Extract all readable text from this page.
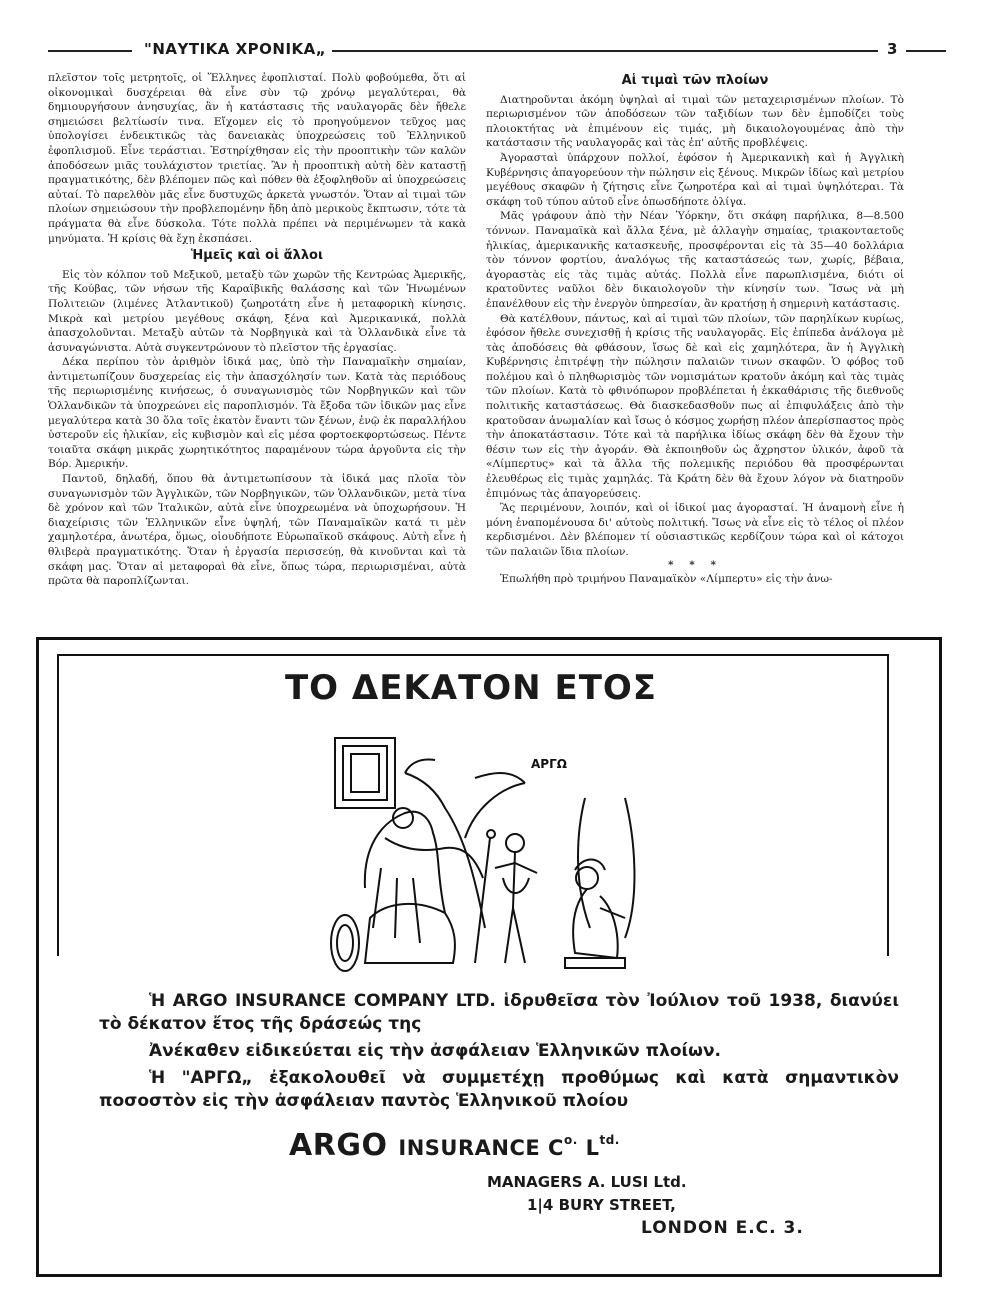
"ΝΑΥΤΙΚΑ ΧΡΟΝΙΚΑ„	3

πλεῖστον τοῖς μετρητοῖς, οἱ Ἕλληνες ἐφοπλισταί. Πολὺ φοβούμεθα, ὅτι αἱ οἰκονομικαὶ δυσχέρειαι θὰ εἶνε σὺν τῷ χρόνῳ μεγαλύτεραι, θὰ δημιουργήσουν ἀνησυχίας, ἂν ἡ κατάστασις τῆς ναυλαγορᾶς δὲν ἤθελε σημειώσει βελτίωσίν τινα. Εἴχομεν εἰς τὸ προηγούμενον τεῦχος μας ὑπολογίσει ἐνδεικτικῶς τὰς δανειακὰς ὑποχρεώσεις τοῦ Ἑλληνικοῦ ἐφοπλισμοῦ. Εἶνε τεράστιαι. Ἐστηρίχθησαν εἰς τὴν προοπτικὴν τῶν καλῶν ἀποδόσεων μιᾶς τουλάχιστον τριετίας. Ἂν ἡ προοπτικὴ αὐτὴ δὲν καταστῇ πραγματικότης, δὲν βλέπομεν πῶς καὶ πόθεν θὰ ἐξοφληθοῦν αἱ ὑποχρεώσεις αὐταί. Τὸ παρελθὸν μᾶς εἶνε δυστυχῶς ἀρκετὰ γνωστόν. Ὅταν αἱ τιμαὶ τῶν πλοίων σημειώσουν τὴν προβλεπομένην ἤδη ἀπὸ μερικοὺς ἔκπτωσιν, τότε τὰ πράγματα θὰ εἶνε δύσκολα. Τότε πολλὰ πρέπει νὰ περιμένωμεν τὰ κακὰ μηνύματα. Ἡ κρίσις θὰ ἔχῃ ἐκσπάσει.

Ἡμεῖς καὶ οἱ ἄλλοι

Εἰς τὸν κόλπον τοῦ Μεξικοῦ, μεταξὺ τῶν χωρῶν τῆς Κεντρώας Ἀμερικῆς, τῆς Κούβας, τῶν νήσων τῆς Καραϊβικῆς θαλάσσης καὶ τῶν Ἡνωμένων Πολιτειῶν (λιμένες Ἀτλαντικοῦ) ζωηροτάτη εἶνε ἡ μεταφορικὴ κίνησις. Μικρὰ καὶ μετρίου μεγέθους σκάφη, ξένα καὶ Ἀμερικανικά, πολλὰ ἀπασχολοῦνται. Μεταξὺ αὐτῶν τὰ Νορβηγικὰ καὶ τὰ Ὁλλανδικὰ εἶνε τὰ ἀσυναγώνιστα. Αὐτὰ συγκεντρώνουν τὸ πλεῖστον τῆς ἐργασίας.

Δέκα περίπου τὸν ἀριθμὸν ἰδικά μας, ὑπὸ τὴν Παναμαϊκὴν σημαίαν, ἀντιμετωπίζουν δυσχερείας εἰς τὴν ἀπασχόλησίν των. Κατὰ τὰς περιόδους τῆς περιωρισμένης κινήσεως, ὁ συναγωνισμὸς τῶν Νορβηγικῶν καὶ τῶν Ὁλλανδικῶν τὰ ὑποχρεώνει εἰς παροπλισμόν. Τὰ ἔξοδα τῶν ἰδικῶν μας εἶνε μεγαλύτερα κατὰ 30 ὅλα τοῖς ἑκατὸν ἔναντι τῶν ξένων, ἐνῷ ἐκ παραλλήλου ὑστεροῦν εἰς ἡλικίαν, εἰς κυβισμὸν καὶ εἰς μέσα φορτοεκφορτώσεως. Πέντε τοιαῦτα σκάφη μικρᾶς χωρητικότητος παραμένουν τώρα ἀργοῦντα εἰς τὴν Βόρ. Ἀμερικήν.

Παντοῦ, δηλαδή, ὅπου θὰ ἀντιμετωπίσουν τὰ ἰδικά μας πλοῖα τὸν συναγωνισμὸν τῶν Ἀγγλικῶν, τῶν Νορβηγικῶν, τῶν Ὁλλανδικῶν, μετὰ τίνα δὲ χρόνον καὶ τῶν Ἰταλικῶν, αὐτὰ εἶνε ὑποχρεωμένα νὰ ὑποχωρήσουν. Ἡ διαχείρισις τῶν Ἑλληνικῶν εἶνε ὑψηλή, τῶν Παναμαϊκῶν κατά τι μὲν χαμηλοτέρα, ἀνωτέρα, ὅμως, οἱουδήποτε Εὐρωπαϊκοῦ σκάφους. Αὐτὴ εἶνε ἡ θλιβερὰ πραγματικότης. Ὅταν ἡ ἐργασία περισσεύῃ, θὰ κινοῦνται καὶ τὰ σκάφη μας. Ὅταν αἱ μεταφοραὶ θὰ εἶνε, ὅπως τώρα, περιωρισμέναι, αὐτὰ πρῶτα θὰ παροπλίζωνται.

Αἱ τιμαὶ τῶν πλοίων

Διατηροῦνται ἀκόμη ὑψηλαὶ αἱ τιμαὶ τῶν μεταχειρισμένων πλοίων. Τὸ περιωρισμένον τῶν ἀποδόσεων τῶν ταξιδίων των δὲν ἐμποδίζει τοὺς πλοιοκτήτας νὰ ἐπιμένουν εἰς τιμάς, μὴ δικαιολογουμένας ἀπὸ τὴν κατάστασιν τῆς ναυλαγορᾶς καὶ τὰς ἐπ' αὐτῆς προβλέψεις.

Ἀγορασταὶ ὑπάρχουν πολλοί, ἐφόσον ἡ Ἀμερικανικὴ καὶ ἡ Ἀγγλικὴ Κυβέρνησις ἀπαγορεύουν τὴν πώλησιν εἰς ξένους. Μικρῶν ἰδίως καὶ μετρίου μεγέθους σκαφῶν ἡ ζήτησις εἶνε ζωηροτέρα καὶ αἱ τιμαὶ ὑψηλότεραι. Τὰ σκάφη τοῦ τύπου αὐτοῦ εἶνε ὁπωσδήποτε ὀλίγα.

Μᾶς γράφουν ἀπὸ τὴν Νέαν Ὑόρκην, ὅτι σκάφη παρήλικα, 8—8.500 τόννων. Παναμαϊκὰ καὶ ἄλλα ξένα, μὲ ἀλλαγὴν σημαίας, τριακονταετοῦς ἡλικίας, ἀμερικανικῆς κατασκευῆς, προσφέρονται εἰς τὰ 35—40 δολλάρια τὸν τόννον φορτίου, ἀναλόγως τῆς καταστάσεώς των, χωρίς, βέβαια, ἀγοραστὰς εἰς τὰς τιμὰς αὐτάς. Πολλὰ εἶνε παρωπλισμένα, διότι οἱ κρατοῦντες ναῦλοι δὲν δικαιολογοῦν τὴν κίνησίν των. Ἴσως νὰ μὴ ἐπανέλθουν εἰς τὴν ἐνεργὸν ὑπηρεσίαν, ἂν κρατήσῃ ἡ σημερινὴ κατάστασις.

Θὰ κατέλθουν, πάντως, καὶ αἱ τιμαὶ τῶν πλοίων, τῶν παρηλίκων κυρίως, ἐφόσον ἤθελε συνεχισθῇ ἡ κρίσις τῆς ναυλαγορᾶς. Εἰς ἐπίπεδα ἀνάλογα μὲ τὰς ἀποδόσεις θὰ φθάσουν, ἴσως δὲ καὶ εἰς χαμηλότερα, ἂν ἡ Ἀγγλικὴ Κυβέρνησις ἐπιτρέψῃ τὴν πώλησιν παλαιῶν τινων σκαφῶν. Ὁ φόβος τοῦ πολέμου καὶ ὁ πληθωρισμὸς τῶν νομισμάτων κρατοῦν ἀκόμη καὶ τὰς τιμὰς τῶν πλοίων. Κατὰ τὸ φθινόπωρον προβλέπεται ἡ ἐκκαθάρισις τῆς διεθνοῦς πολιτικῆς καταστάσεως. Θὰ διασκεδασθοῦν πως αἱ ἐπιφυλάξεις ἀπὸ τὴν κρατοῦσαν ἀνωμαλίαν καὶ ἴσως ὁ κόσμος χωρήσῃ πλέον ἀπερίσπαστος πρὸς τὴν ἀποκατάστασιν. Τότε καὶ τὰ παρήλικα ἰδίως σκάφη δὲν θὰ ἔχουν τὴν θέσιν των εἰς τὴν ἀγοράν. Θὰ ἐκποιηθοῦν ὡς ἄχρηστον ὑλικόν, ἀφοῦ τὰ «Λίμπερτυς» καὶ τὰ ἄλλα τῆς πολεμικῆς περιόδου θὰ προσφέρωνται ἐλευθέρως εἰς τιμὰς χαμηλάς. Τὰ Κράτη δὲν θὰ ἔχουν λόγον νὰ διατηροῦν ἐπιμόνως τὰς ἀπαγορεύσεις.

Ἂς περιμένουν, λοιπόν, καὶ οἱ ἰδικοί μας ἀγορασταί. Ἡ ἀναμονὴ εἶνε ἡ μόνη ἐναπομένουσα δι' αὐτοὺς πολιτική. Ἴσως νὰ εἶνε εἰς τὸ τέλος οἱ πλέον κερδισμένοι. Δὲν βλέπομεν τί οὐσιαστικῶς κερδίζουν τώρα καὶ οἱ κάτοχοι τῶν παλαιῶν ἴδια πλοίων.

* * *

Ἐπωλήθη πρὸ τριμήνου Παναμαϊκὸν «Λίμπερτυ» εἰς τὴν ἀνω-

ΤΟ ΔΕΚΑΤΟΝ ΕΤΟΣ
ΑΡΓΩ

Ἡ ARGO INSURANCE COMPANY LTD. ἱδρυθεῖσα τὸν Ἰούλιον τοῦ 1938, διανύει τὸ δέκατον ἔτος τῆς δράσεώς της

Ἀνέκαθεν εἰδικεύεται εἰς τὴν ἀσφάλειαν Ἑλληνικῶν πλοίων.

Ἡ "ΑΡΓΩ„ ἐξακολουθεῖ νὰ συμμετέχῃ προθύμως καὶ κατὰ σημαντικὸν ποσοστὸν εἰς τὴν ἀσφάλειαν παντὸς Ἑλληνικοῦ πλοίου

ARGO INSURANCE $C^{o.}$ $L^{td.}$
MANAGERS A. LUSI Ltd.
1|4 BURY STREET,
LONDON E.C. 3.
